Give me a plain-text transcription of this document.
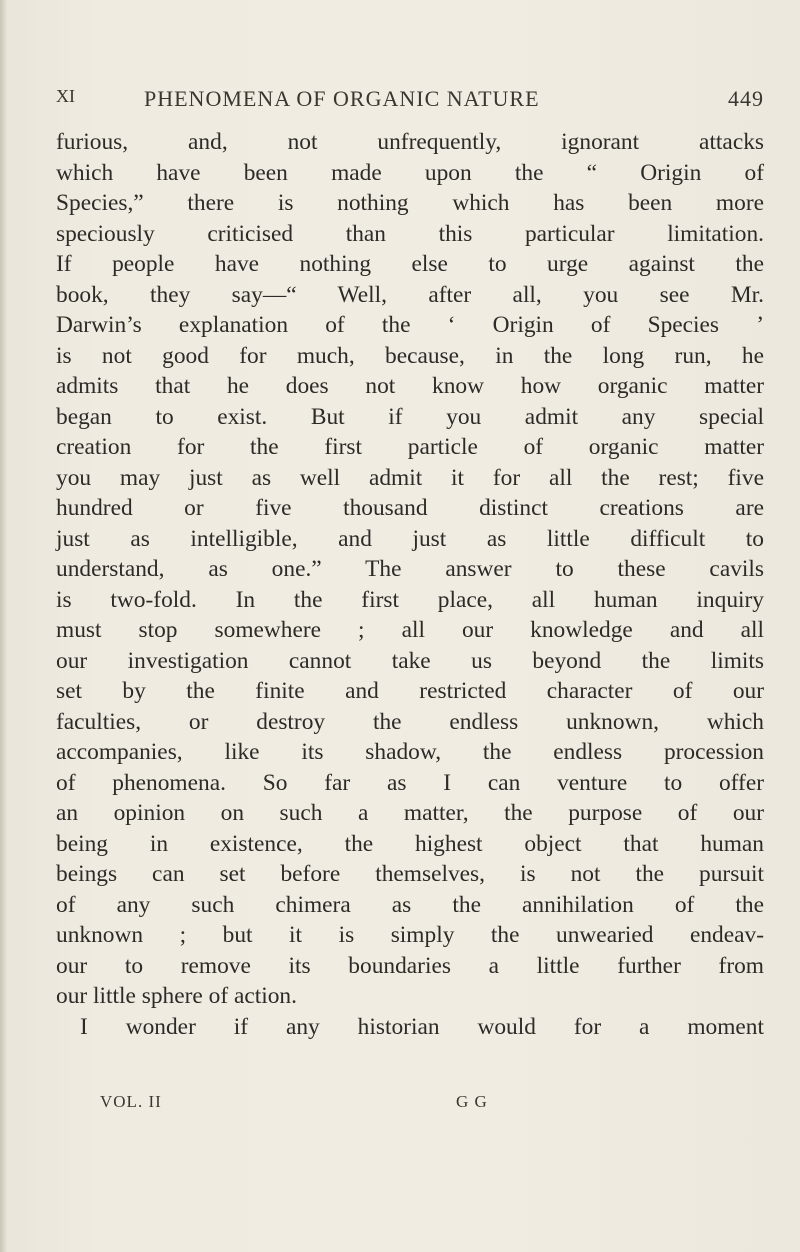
XI	PHENOMENA OF ORGANIC NATURE	449
furious, and, not unfrequently, ignorant attacks
which have been made upon the “ Origin of
Species,” there is nothing which has been more
speciously criticised than this particular limitation.
If people have nothing else to urge against the
book, they say—“ Well, after all, you see Mr.
Darwin’s explanation of the ‘ Origin of Species ’
is not good for much, because, in the long run, he
admits that he does not know how organic matter
began to exist. But if you admit any special
creation for the first particle of organic matter
you may just as well admit it for all the rest; five
hundred or five thousand distinct creations are
just as intelligible, and just as little difficult to
understand, as one.” The answer to these cavils
is two-fold. In the first place, all human inquiry
must stop somewhere ; all our knowledge and all
our investigation cannot take us beyond the limits
set by the finite and restricted character of our
faculties, or destroy the endless unknown, which
accompanies, like its shadow, the endless procession
of phenomena. So far as I can venture to offer
an opinion on such a matter, the purpose of our
being in existence, the highest object that human
beings can set before themselves, is not the pursuit
of any such chimera as the annihilation of the
unknown ; but it is simply the unwearied endeav-
our to remove its boundaries a little further from
our little sphere of action.
I wonder if any historian would for a moment
VOL. II	G G
